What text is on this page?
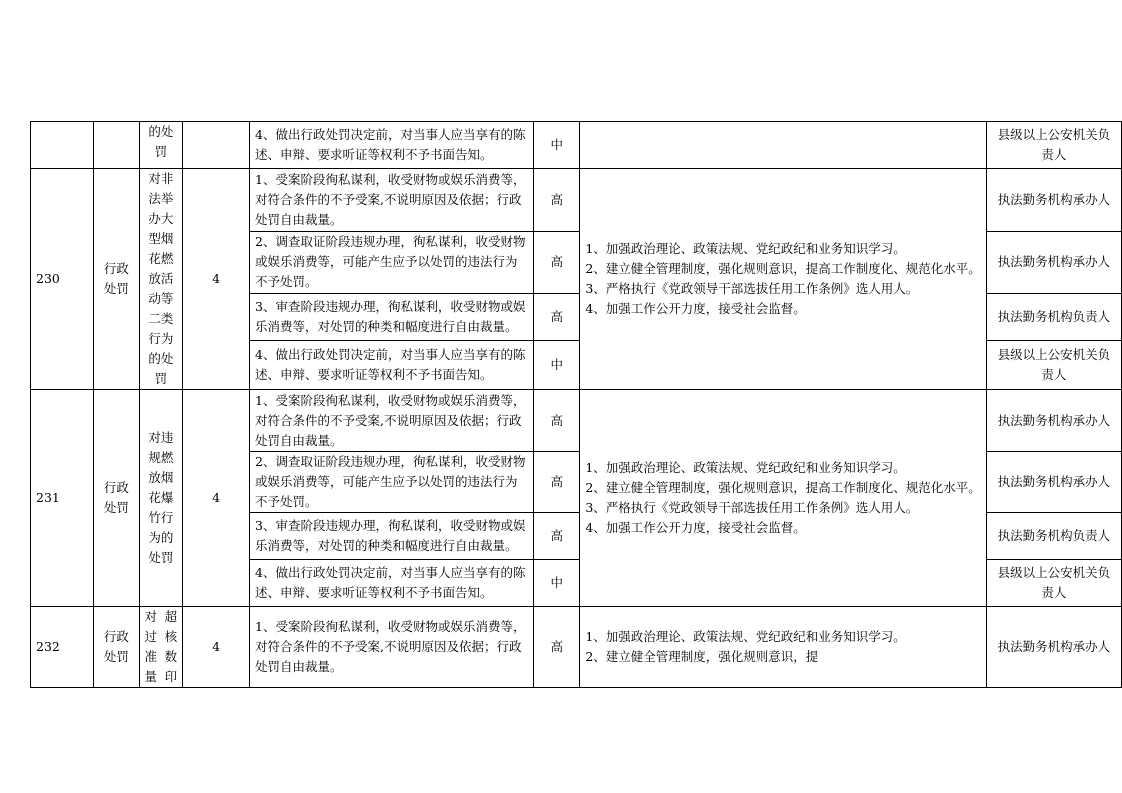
		的处罚		4、做出行政处罚决定前，对当事人应当享有的陈述、申辩、要求听证等权利不予书面告知。	中		县级以上公安机关负责人
230	行政处罚	对非法举办大型烟花燃放活动等二类行为的处罚	4	1、受案阶段徇私谋利，收受财物或娱乐消费等，对符合条件的不予受案,不说明原因及依据；行政处罚自由裁量。	高	1、加强政治理论、政策法规、党纪政纪和业务知识学习。
2、建立健全管理制度，强化规则意识，提高工作制度化、规范化水平。
3、严格执行《党政领导干部选拔任用工作条例》选人用人。
4、加强工作公开力度，接受社会监督。	执法勤务机构承办人
				2、调查取证阶段违规办理，徇私谋利，收受财物或娱乐消费等，可能产生应予以处罚的违法行为不予处罚。	高		执法勤务机构承办人
				3、审查阶段违规办理，徇私谋利，收受财物或娱乐消费等，对处罚的种类和幅度进行自由裁量。	高		执法勤务机构负责人
				4、做出行政处罚决定前，对当事人应当享有的陈述、申辩、要求听证等权利不予书面告知。	中		县级以上公安机关负责人
231	行政处罚	对违规燃放烟花爆竹行为的处罚	4	1、受案阶段徇私谋利，收受财物或娱乐消费等，对符合条件的不予受案,不说明原因及依据；行政处罚自由裁量。	高	1、加强政治理论、政策法规、党纪政纪和业务知识学习。
2、建立健全管理制度，强化规则意识，提高工作制度化、规范化水平。
3、严格执行《党政领导干部选拔任用工作条例》选人用人。
4、加强工作公开力度，接受社会监督。	执法勤务机构承办人
				2、调查取证阶段违规办理，徇私谋利，收受财物或娱乐消费等，可能产生应予以处罚的违法行为不予处罚。	高		执法勤务机构承办人
				3、审查阶段违规办理，徇私谋利，收受财物或娱乐消费等，对处罚的种类和幅度进行自由裁量。	高		执法勤务机构负责人
				4、做出行政处罚决定前，对当事人应当享有的陈述、申辩、要求听证等权利不予书面告知。	中		县级以上公安机关负责人
232	行政处罚	对超过核准数量印	4	1、受案阶段徇私谋利，收受财物或娱乐消费等，对符合条件的不予受案,不说明原因及依据；行政处罚自由裁量。	高	1、加强政治理论、政策法规、党纪政纪和业务知识学习。
2、建立健全管理制度，强化规则意识，提	执法勤务机构承办人
